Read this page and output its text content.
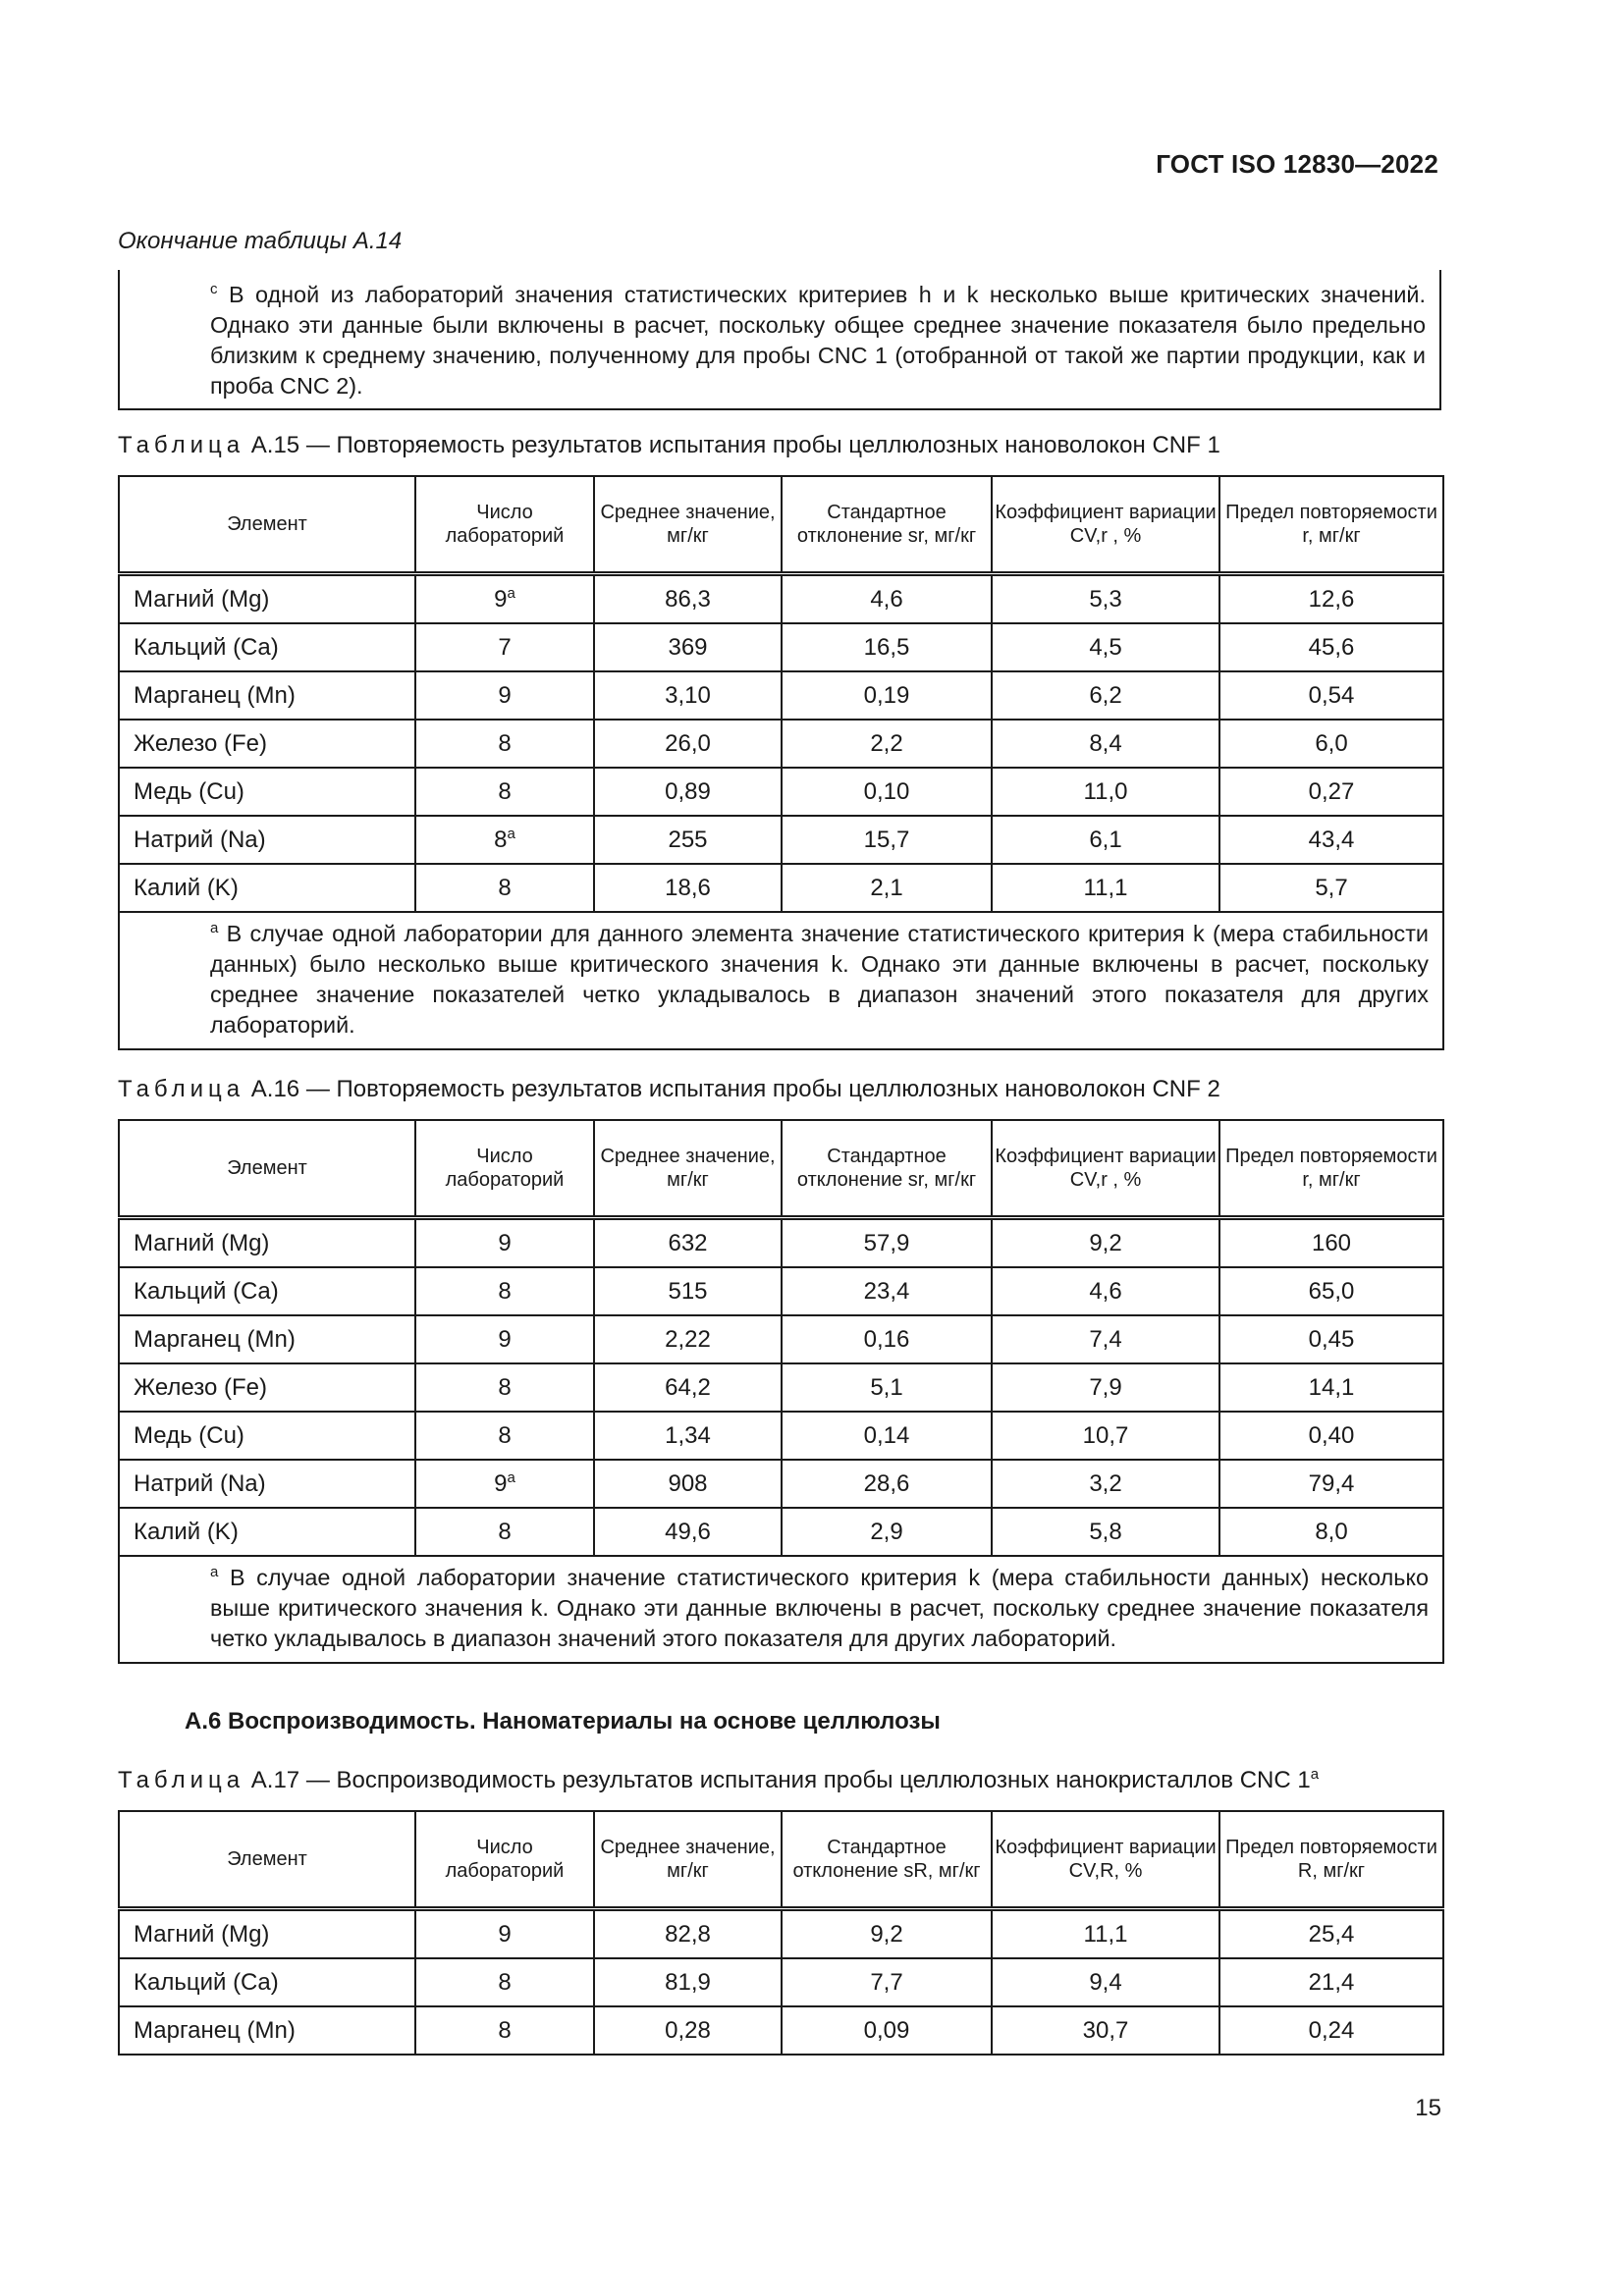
ГОСТ ISO 12830—2022
Окончание таблицы А.14
$^c$ В одной из лабораторий значения статистических критериев h и k несколько выше критических значений. Однако эти данные были включены в расчет, поскольку общее среднее значение показателя было предельно близким к среднему значению, полученному для пробы CNC 1 (отобранной от такой же партии продукции, как и проба CNC 2).
Таблица А.15 — Повторяемость результатов испытания пробы целлюлозных нановолокон CNF 1
Элемент	Число лабораторий	Среднее значение, мг/кг	Стандартное отклонение sr, мг/кг	Коэффициент вариации CV,r , %	Предел повторяемости r, мг/кг
Магний (Mg)	9$^a$	86,3	4,6	5,3	12,6
Кальций (Ca)	7	369	16,5	4,5	45,6
Марганец (Mn)	9	3,10	0,19	6,2	0,54
Железо (Fe)	8	26,0	2,2	8,4	6,0
Медь (Cu)	8	0,89	0,10	11,0	0,27
Натрий (Na)	8$^a$	255	15,7	6,1	43,4
Калий (K)	8	18,6	2,1	11,1	5,7

$^a$ В случае одной лаборатории для данного элемента значение статистического критерия k (мера стабильности данных) было несколько выше критического значения k. Однако эти данные включены в расчет, поскольку среднее значение показателей четко укладывалось в диапазон значений этого показателя для других лабораторий.					
Таблица А.16 — Повторяемость результатов испытания пробы целлюлозных нановолокон CNF 2
Элемент	Число лабораторий	Среднее значение, мг/кг	Стандартное отклонение sr, мг/кг	Коэффициент вариации CV,r , %	Предел повторяемости r, мг/кг
Магний (Mg)	9	632	57,9	9,2	160
Кальций (Ca)	8	515	23,4	4,6	65,0
Марганец (Mn)	9	2,22	0,16	7,4	0,45
Железо (Fe)	8	64,2	5,1	7,9	14,1
Медь (Cu)	8	1,34	0,14	10,7	0,40
Натрий (Na)	9$^a$	908	28,6	3,2	79,4
Калий (K)	8	49,6	2,9	5,8	8,0

$^a$ В случае одной лаборатории значение статистического критерия k (мера стабильности данных) несколько выше критического значения k. Однако эти данные включены в расчет, поскольку среднее значение показателя четко укладывалось в диапазон значений этого показателя для других лабораторий.					
А.6 Воспроизводимость. Наноматериалы на основе целлюлозы
Таблица А.17 — Воспроизводимость результатов испытания пробы целлюлозных нанокристаллов CNC 1$^a$
Элемент	Число лабораторий	Среднее значение, мг/кг	Стандартное отклонение sR, мг/кг	Коэффициент вариации CV,R, %	Предел повторяемости R, мг/кг
Магний (Mg)	9	82,8	9,2	11,1	25,4
Кальций (Ca)	8	81,9	7,7	9,4	21,4
Марганец (Mn)	8	0,28	0,09	30,7	0,24
15
